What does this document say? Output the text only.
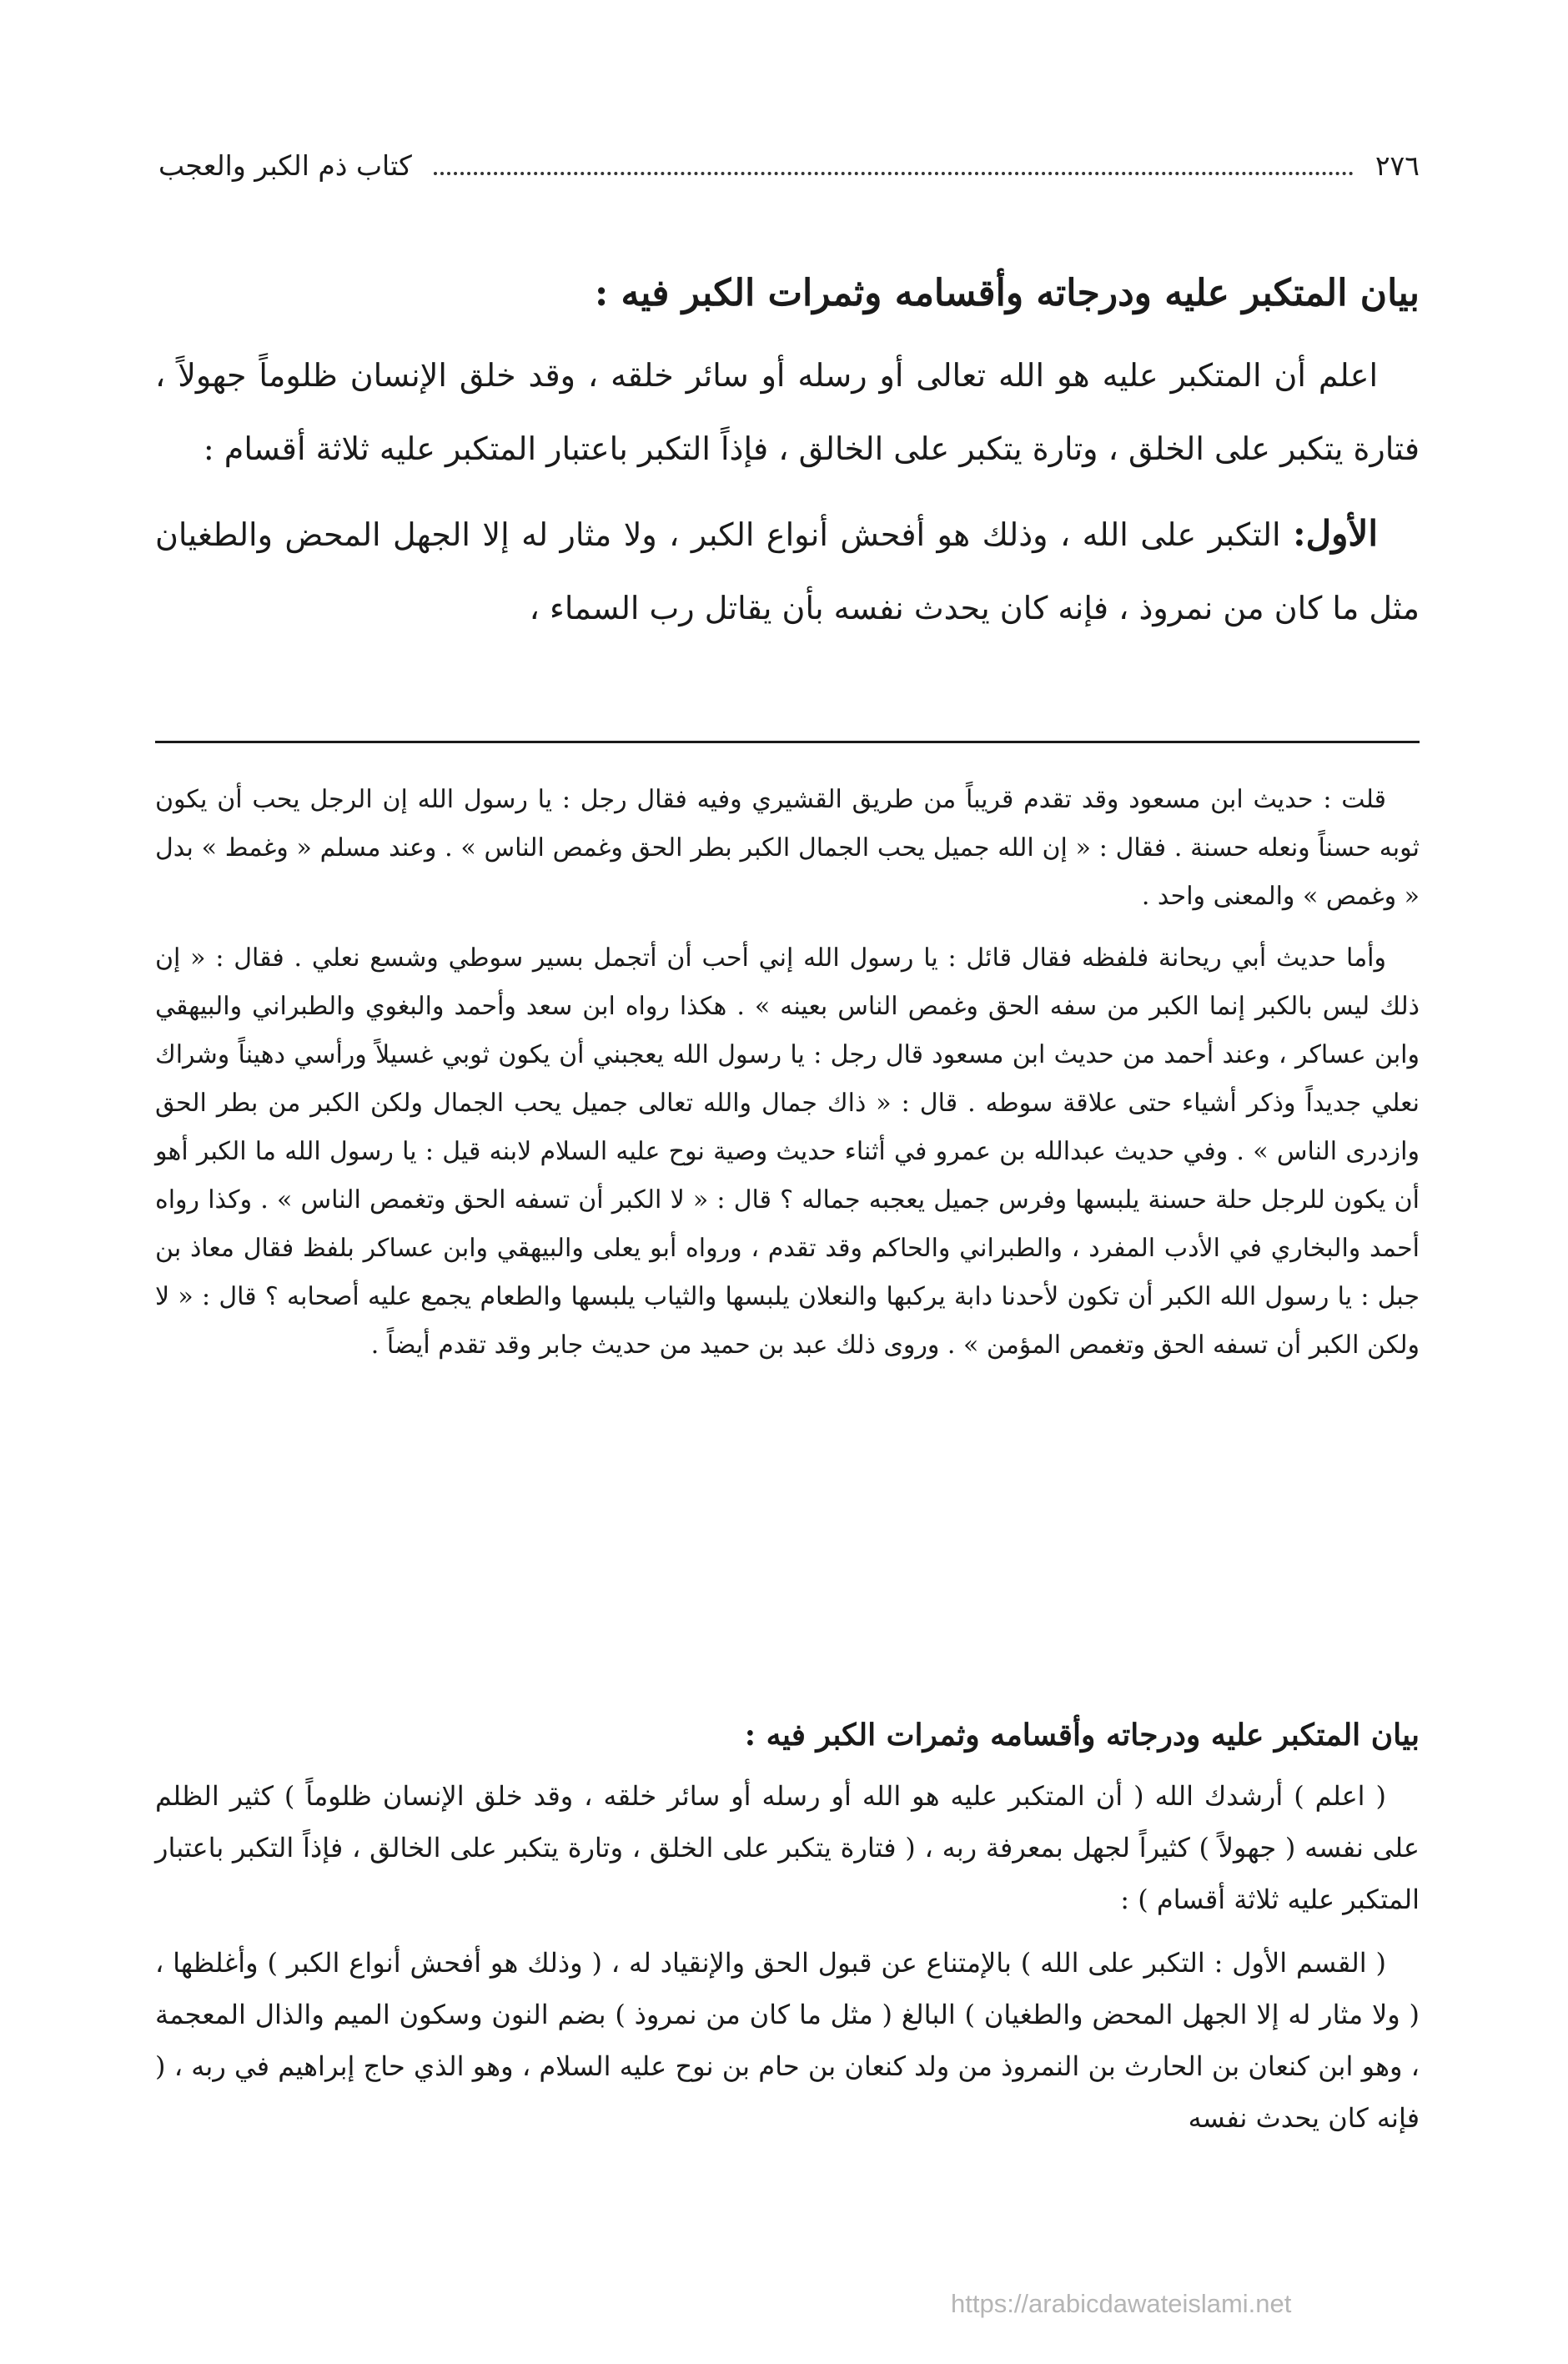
٢٧٦
كتاب ذم الكبر والعجب
بيان المتكبر عليه ودرجاته وأقسامه وثمرات الكبر فيه :

اعلم أن المتكبر عليه هو الله تعالى أو رسله أو سائر خلقه ، وقد خلق الإنسان ظلوماً جهولاً ، فتارة يتكبر على الخلق ، وتارة يتكبر على الخالق ، فإذاً التكبر باعتبار المتكبر عليه ثلاثة أقسام :

الأول: التكبر على الله ، وذلك هو أفحش أنواع الكبر ، ولا مثار له إلا الجهل المحض والطغيان مثل ما كان من نمروذ ، فإنه كان يحدث نفسه بأن يقاتل رب السماء ،

قلت : حديث ابن مسعود وقد تقدم قريباً من طريق القشيري وفيه فقال رجل : يا رسول الله إن الرجل يحب أن يكون ثوبه حسناً ونعله حسنة . فقال : « إن الله جميل يحب الجمال الكبر بطر الحق وغمص الناس » . وعند مسلم « وغمط » بدل « وغمص » والمعنى واحد .

وأما حديث أبي ريحانة فلفظه فقال قائل : يا رسول الله إني أحب أن أتجمل بسير سوطي وشسع نعلي . فقال : « إن ذلك ليس بالكبر إنما الكبر من سفه الحق وغمص الناس بعينه » . هكذا رواه ابن سعد وأحمد والبغوي والطبراني والبيهقي وابن عساكر ، وعند أحمد من حديث ابن مسعود قال رجل : يا رسول الله يعجبني أن يكون ثوبي غسيلاً ورأسي دهيناً وشراك نعلي جديداً وذكر أشياء حتى علاقة سوطه . قال : « ذاك جمال والله تعالى جميل يحب الجمال ولكن الكبر من بطر الحق وازدرى الناس » . وفي حديث عبدالله بن عمرو في أثناء حديث وصية نوح عليه السلام لابنه قيل : يا رسول الله ما الكبر أهو أن يكون للرجل حلة حسنة يلبسها وفرس جميل يعجبه جماله ؟ قال : « لا الكبر أن تسفه الحق وتغمص الناس » . وكذا رواه أحمد والبخاري في الأدب المفرد ، والطبراني والحاكم وقد تقدم ، ورواه أبو يعلى والبيهقي وابن عساكر بلفظ فقال معاذ بن جبل : يا رسول الله الكبر أن تكون لأحدنا دابة يركبها والنعلان يلبسها والثياب يلبسها والطعام يجمع عليه أصحابه ؟ قال : « لا ولكن الكبر أن تسفه الحق وتغمص المؤمن » . وروى ذلك عبد بن حميد من حديث جابر وقد تقدم أيضاً .

بيان المتكبر عليه ودرجاته وأقسامه وثمرات الكبر فيه :

( اعلم ) أرشدك الله ( أن المتكبر عليه هو الله أو رسله أو سائر خلقه ، وقد خلق الإنسان ظلوماً ) كثير الظلم على نفسه ( جهولاً ) كثيراً لجهل بمعرفة ربه ، ( فتارة يتكبر على الخلق ، وتارة يتكبر على الخالق ، فإذاً التكبر باعتبار المتكبر عليه ثلاثة أقسام ) :

( القسم الأول : التكبر على الله ) بالإمتناع عن قبول الحق والإنقياد له ، ( وذلك هو أفحش أنواع الكبر ) وأغلظها ، ( ولا مثار له إلا الجهل المحض والطغيان ) البالغ ( مثل ما كان من نمروذ ) بضم النون وسكون الميم والذال المعجمة ، وهو ابن كنعان بن الحارث بن النمروذ من ولد كنعان بن حام بن نوح عليه السلام ، وهو الذي حاج إبراهيم في ربه ، ( فإنه كان يحدث نفسه

https://arabicdawateislami.net
